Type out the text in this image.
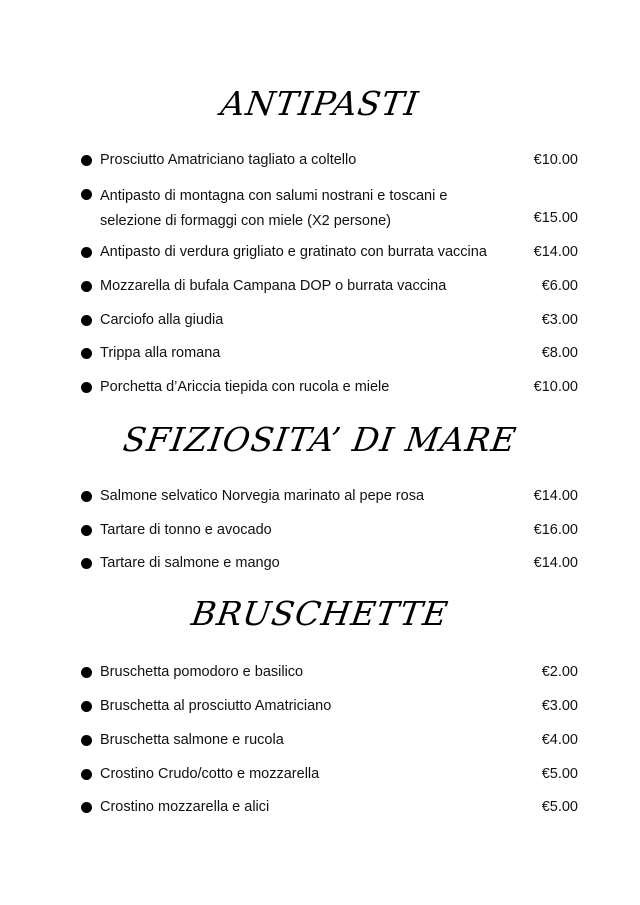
ANTIPASTI
Prosciutto Amatriciano tagliato a coltello	€10.00
Antipasto di montagna con salumi nostrani e toscani e
selezione di formaggi con miele (X2 persone)	€15.00
Antipasto di verdura grigliato e gratinato con burrata vaccina	€14.00
Mozzarella di bufala Campana DOP o burrata vaccina	€6.00
Carciofo alla giudia	€3.00
Trippa alla romana	€8.00
Porchetta d’Ariccia tiepida con rucola e miele	€10.00
SFIZIOSITA’ DI MARE
Salmone selvatico Norvegia marinato al pepe rosa	€14.00
Tartare di tonno e avocado	€16.00
Tartare di salmone e mango	€14.00
BRUSCHETTE
Bruschetta pomodoro e basilico	€2.00
Bruschetta al prosciutto Amatriciano	€3.00
Bruschetta salmone e rucola	€4.00
Crostino Crudo/cotto e mozzarella	€5.00
Crostino mozzarella e alici	€5.00
